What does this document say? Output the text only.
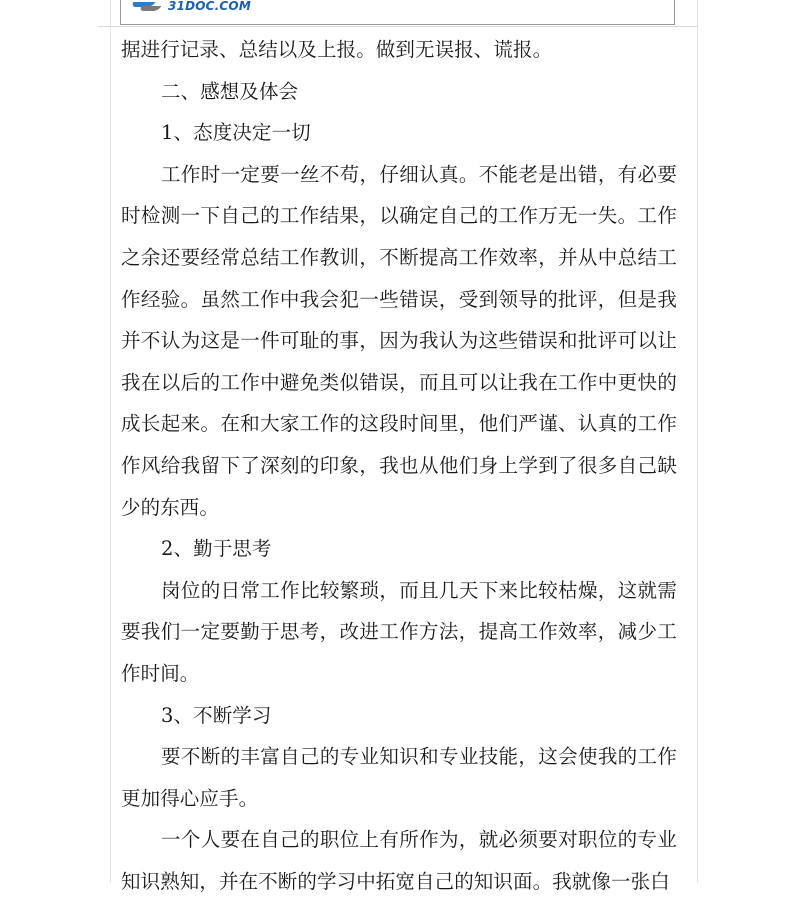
31DOC.COM

据进行记录、总结以及上报。做到无误报、谎报。

二、感想及体会

1、态度决定一切

工作时一定要一丝不苟，仔细认真。不能老是出错，有必要时检测一下自己的工作结果，以确定自己的工作万无一失。工作之余还要经常总结工作教训，不断提高工作效率，并从中总结工作经验。虽然工作中我会犯一些错误，受到领导的批评，但是我并不认为这是一件可耻的事，因为我认为这些错误和批评可以让我在以后的工作中避免类似错误，而且可以让我在工作中更快的成长起来。在和大家工作的这段时间里，他们严谨、认真的工作作风给我留下了深刻的印象，我也从他们身上学到了很多自己缺少的东西。

2、勤于思考

岗位的日常工作比较繁琐，而且几天下来比较枯燥，这就需要我们一定要勤于思考，改进工作方法，提高工作效率，减少工作时间。

3、不断学习

要不断的丰富自己的专业知识和专业技能，这会使我的工作更加得心应手。

一个人要在自己的职位上有所作为，就必须要对职位的专业知识熟知，并在不断的学习中拓宽自己的知识面。我就像一张白
